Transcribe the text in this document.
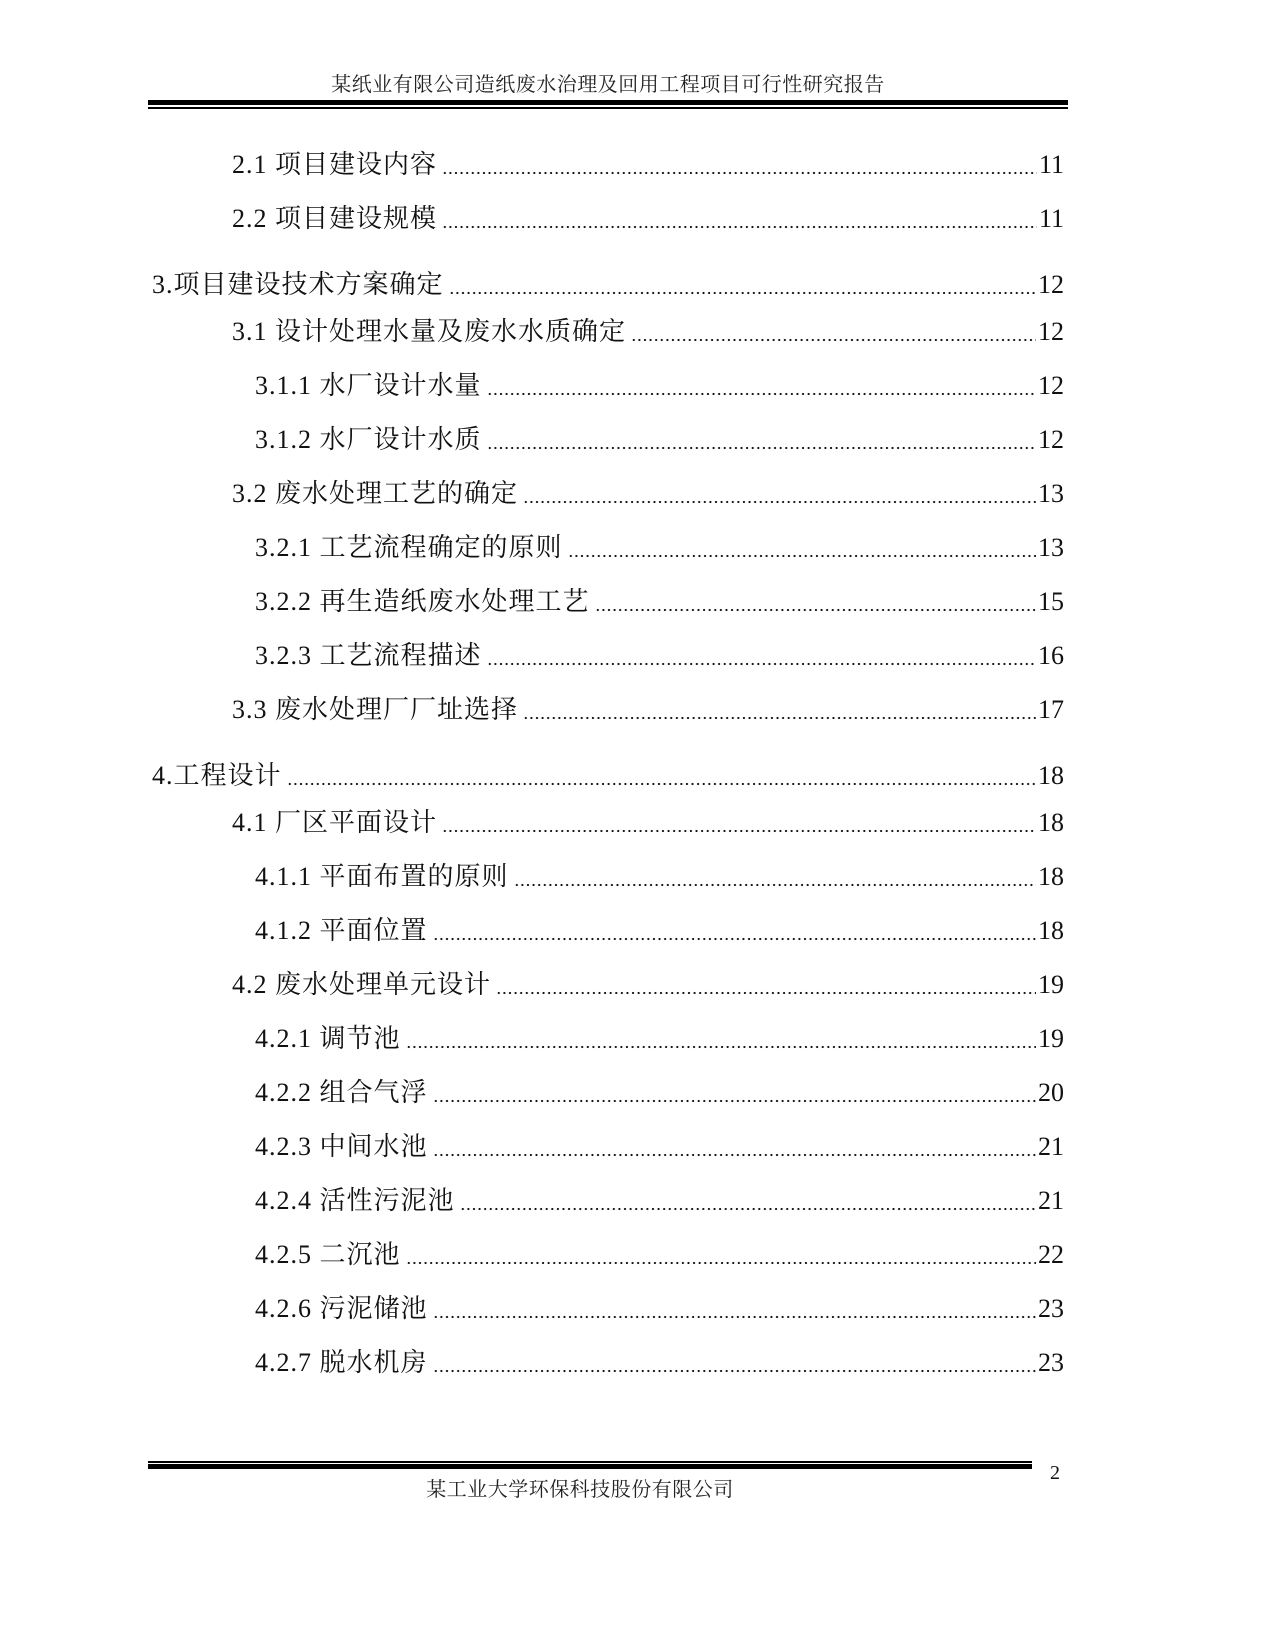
某纸业有限公司造纸废水治理及回用工程项目可行性研究报告
2.1 项目建设内容	11
2.2 项目建设规模	11
3.项目建设技术方案确定	12
3.1 设计处理水量及废水水质确定	12
3.1.1 水厂设计水量	12
3.1.2 水厂设计水质	12
3.2 废水处理工艺的确定	13
3.2.1 工艺流程确定的原则	13
3.2.2 再生造纸废水处理工艺	15
3.2.3 工艺流程描述	16
3.3 废水处理厂厂址选择	17
4.工程设计	18
4.1 厂区平面设计	18
4.1.1 平面布置的原则	18
4.1.2 平面位置	18
4.2 废水处理单元设计	19
4.2.1 调节池	19
4.2.2 组合气浮	20
4.2.3 中间水池	21
4.2.4 活性污泥池	21
4.2.5 二沉池	22
4.2.6 污泥储池	23
4.2.7 脱水机房	23
2
某工业大学环保科技股份有限公司
